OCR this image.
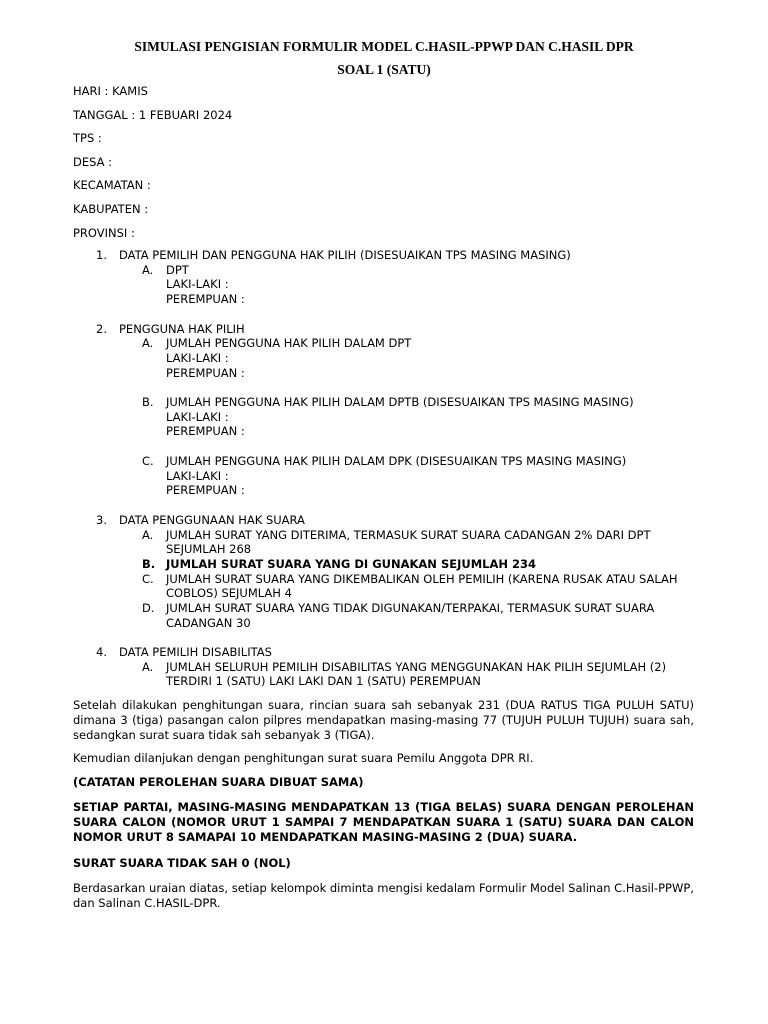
SIMULASI PENGISIAN FORMULIR MODEL C.HASIL-PPWP DAN C.HASIL DPR
SOAL 1 (SATU)
HARI : KAMIS
TANGGAL : 1 FEBUARI 2024
TPS :
DESA :
KECAMATAN :
KABUPATEN :
PROVINSI :
1. DATA PEMILIH DAN PENGGUNA HAK PILIH (DISESUAIKAN TPS MASING MASING)
A. DPT
LAKI-LAKI :
PEREMPUAN :
2. PENGGUNA HAK PILIH
A. JUMLAH PENGGUNA HAK PILIH DALAM DPT
LAKI-LAKI :
PEREMPUAN :
B. JUMLAH PENGGUNA HAK PILIH DALAM DPTB (DISESUAIKAN TPS MASING MASING)
LAKI-LAKI :
PEREMPUAN :
C. JUMLAH PENGGUNA HAK PILIH DALAM DPK (DISESUAIKAN TPS MASING MASING)
LAKI-LAKI :
PEREMPUAN :
3. DATA PENGGUNAAN HAK SUARA
A. JUMLAH SURAT YANG DITERIMA, TERMASUK SURAT SUARA CADANGAN 2% DARI DPT
SEJUMLAH 268
B. JUMLAH SURAT SUARA YANG DI GUNAKAN SEJUMLAH 234
C. JUMLAH SURAT SUARA YANG DIKEMBALIKAN OLEH PEMILIH (KARENA RUSAK ATAU SALAH
COBLOS) SEJUMLAH 4
D. JUMLAH SURAT SUARA YANG TIDAK DIGUNAKAN/TERPAKAI, TERMASUK SURAT SUARA
CADANGAN 30
4. DATA PEMILIH DISABILITAS
A. JUMLAH SELURUH PEMILIH DISABILITAS YANG MENGGUNAKAN HAK PILIH SEJUMLAH (2)
TERDIRI 1 (SATU) LAKI LAKI DAN 1 (SATU) PEREMPUAN
Setelah dilakukan penghitungan suara, rincian suara sah sebanyak 231 (DUA RATUS TIGA PULUH SATU) dimana 3 (tiga) pasangan calon pilpres mendapatkan masing-masing 77 (TUJUH PULUH TUJUH) suara sah, sedangkan surat suara tidak sah sebanyak 3 (TIGA).
Kemudian dilanjukan dengan penghitungan surat suara Pemilu Anggota DPR RI.
(CATATAN PEROLEHAN SUARA DIBUAT SAMA)
SETIAP PARTAI, MASING-MASING MENDAPATKAN 13 (TIGA BELAS) SUARA DENGAN PEROLEHAN SUARA CALON (NOMOR URUT 1 SAMPAI 7 MENDAPATKAN SUARA 1 (SATU) SUARA DAN CALON NOMOR URUT 8 SAMAPAI 10 MENDAPATKAN MASING-MASING 2 (DUA) SUARA.
SURAT SUARA TIDAK SAH 0 (NOL)
Berdasarkan uraian diatas, setiap kelompok diminta mengisi kedalam Formulir Model Salinan C.Hasil-PPWP, dan Salinan C.HASIL-DPR.
